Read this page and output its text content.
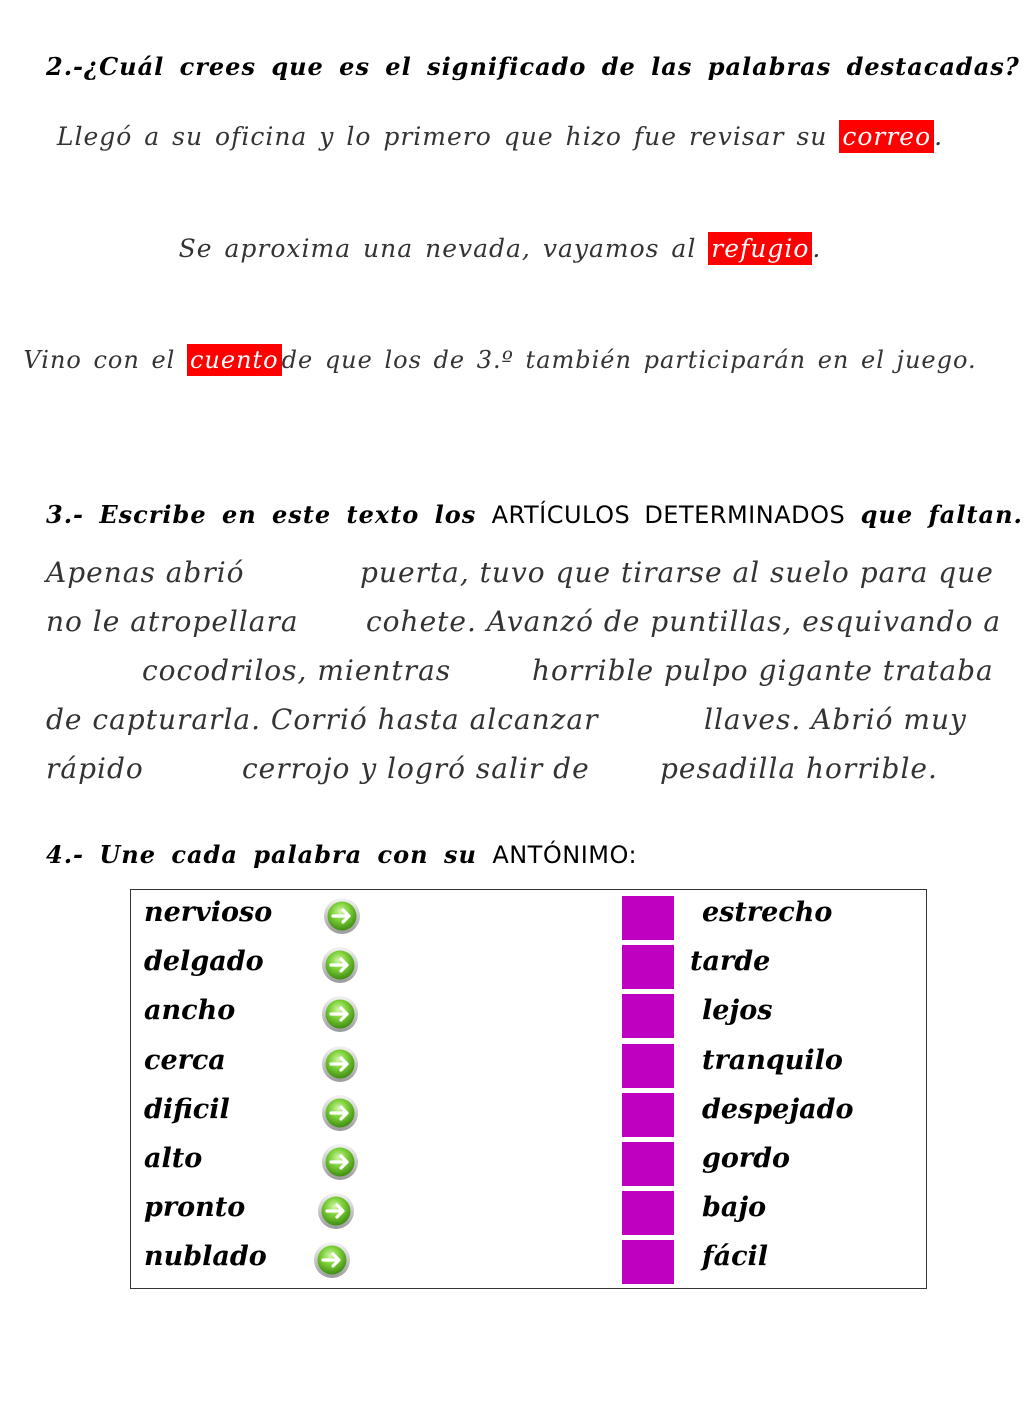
2.-¿Cuál crees que es el significado de las palabras destacadas?
Llegó a su oficina y lo primero que hizo fue revisar su correo .
Se aproxima una nevada, vayamos al refugio .
Vino con el cuento de que los de 3.º también participarán en el juego.
3.- Escribe en este texto los ARTÍCULOS DETERMINADOS que faltan.
Apenas abrió	puerta, tuvo que tirarse al suelo para que
no le atropellara cohete. Avanzó de puntillas, esquivando a
cocodrilos, mientras	horrible pulpo gigante trataba
de capturarla. Corrió hasta alcanzar	llaves. Abrió muy
rápido	cerrojo y logró salir de	pesadilla horrible.
4.- Une cada palabra con su ANTÓNIMO:
nervioso	estrecho
delgado	tarde
ancho	lejos
cerca	tranquilo
dificil	despejado
alto	gordo
pronto	bajo
nublado	fácil
